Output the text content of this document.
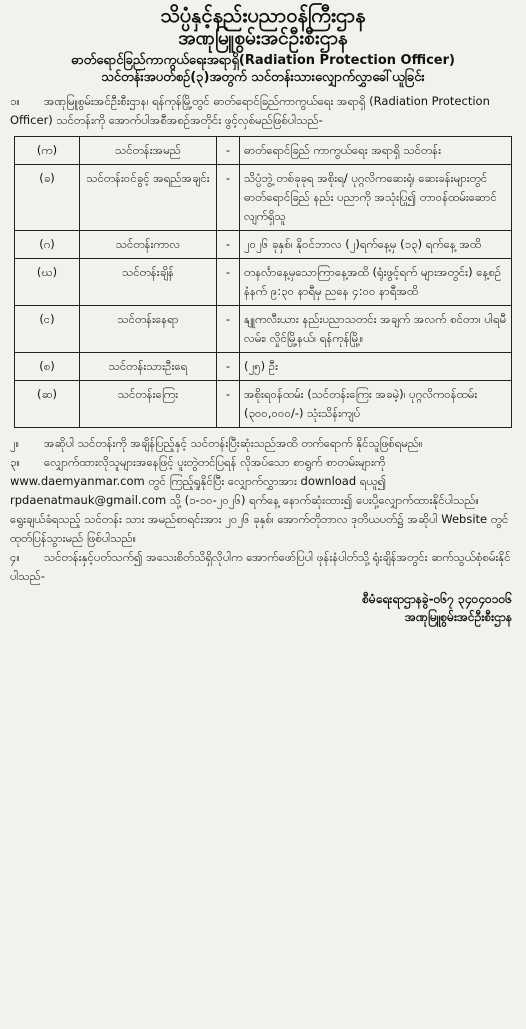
သိပ္ပံနှင့်နည်းပညာဝန်ကြီးဌာန
အဏုမြူစွမ်းအင်ဦးစီးဌာန
ဓာတ်ရောင်ခြည်ကာကွယ်ရေးအရာရှိ(Radiation Protection Officer)
သင်တန်းအပတ်စဉ်(၃)အတွက် သင်တန်းသားလျှောက်လွှာခေါ်ယူခြင်း
၁။ အဏုမြူစွမ်းအင်ဦးစီးဌာန၊ ရန်ကုန်မြို့တွင် ဓာတ်ရောင်ခြည်ကာကွယ်ရေး အရာရှိ (Radiation Protection Officer) သင်တန်းကို အောက်ပါအစီအစဉ်အတိုင်း ဖွင့်လှစ်မည်ဖြစ်ပါသည်-
(က)	သင်တန်းအမည်	-	ဓာတ်ရောင်ခြည် ကာကွယ်ရေး အရာရှိ သင်တန်း
(ခ)	သင်တန်းဝင်ခွင့် အရည်အချင်း	-	သိပ္ပံဘွဲ့ တစ်ခုခုရ အစိုးရ/ ပုဂ္ဂလိကဆေးရုံ၊ ဆေးခန်းများတွင် ဓာတ်ရောင်ခြည် နည်း ပညာကို အသုံးပြု၍ တာဝန်ထမ်းဆောင် လျက်ရှိသူ
(ဂ)	သင်တန်းကာလ	-	၂၀၂၆ ခုနှစ်၊ နိုဝင်ဘာလ (၂)ရက်နေ့မှ (၁၃) ရက်နေ့ အထိ
(ဃ)	သင်တန်းချိန်	-	တနင်္လာနေ့မှသောကြာနေ့အထိ (ရုံးဖွင့်ရက် များအတွင်း) နေ့စဉ် နံနက် ၉:၃၀ နာရီမှ ညနေ ၄:၀၀ နာရီအထိ
(င)	သင်တန်းနေရာ	-	နျူကလီးယား နည်းပညာသတင်း အချက် အလက် စင်တာ၊ ပါရမီလမ်း၊ လှိုင်မြို့နယ်၊ ရန်ကုန်မြို့။
(စ)	သင်တန်းသားဦးရေ	-	(၂၅) ဦး
(ဆ)	သင်တန်းကြေး	-	အစိုးရဝန်ထမ်း (သင်တန်းကြေး အခမဲ့)၊ ပုဂ္ဂလိကဝန်ထမ်း (၃၀၀,၀၀၀/-) သုံးသိန်းကျပ်
၂။ အဆိုပါ သင်တန်းကို အချိန်ပြည့်နှင့် သင်တန်းပြီးဆုံးသည်အထိ တက်ရောက် နိုင်သူဖြစ်ရမည်။
၃။ လျှောက်ထားလိုသူများအနေဖြင့် ပူးတွဲတင်ပြရန် လိုအပ်သော စာရွက် စာတမ်းများကို www.daemyanmar.com တွင် ကြည့်ရှုနိုင်ပြီး လျှောက်လွှာအား download ရယူ၍ rpdaenatmauk@gmail.com သို့ (၁-၁၀-၂၀၂၆) ရက်နေ့ နောက်ဆုံးထား၍ ပေးပို့လျှောက်ထားနိုင်ပါသည်။ ရွေးချယ်ခံရသည့် သင်တန်း သား အမည်စာရင်းအား ၂၀၂၆ ခုနှစ်၊ အောက်တိုဘာလ ဒုတိယပတ်၌ အဆိုပါ Website တွင် ထုတ်ပြန်သွားမည် ဖြစ်ပါသည်။
၄။ သင်တန်းနှင့်ပတ်သက်၍ အသေးစိတ်သိရှိလိုပါက အောက်ဖော်ပြပါ ဖုန်းနံပါတ်သို့ ရုံးချိန်အတွင်း ဆက်သွယ်စုံစမ်းနိုင်ပါသည်-
စီမံရေးရာဌာနခွဲ-၀၆၇ ၃၄၀၄၀၁၀၆
အဏုမြူစွမ်းအင်ဦးစီးဌာန
